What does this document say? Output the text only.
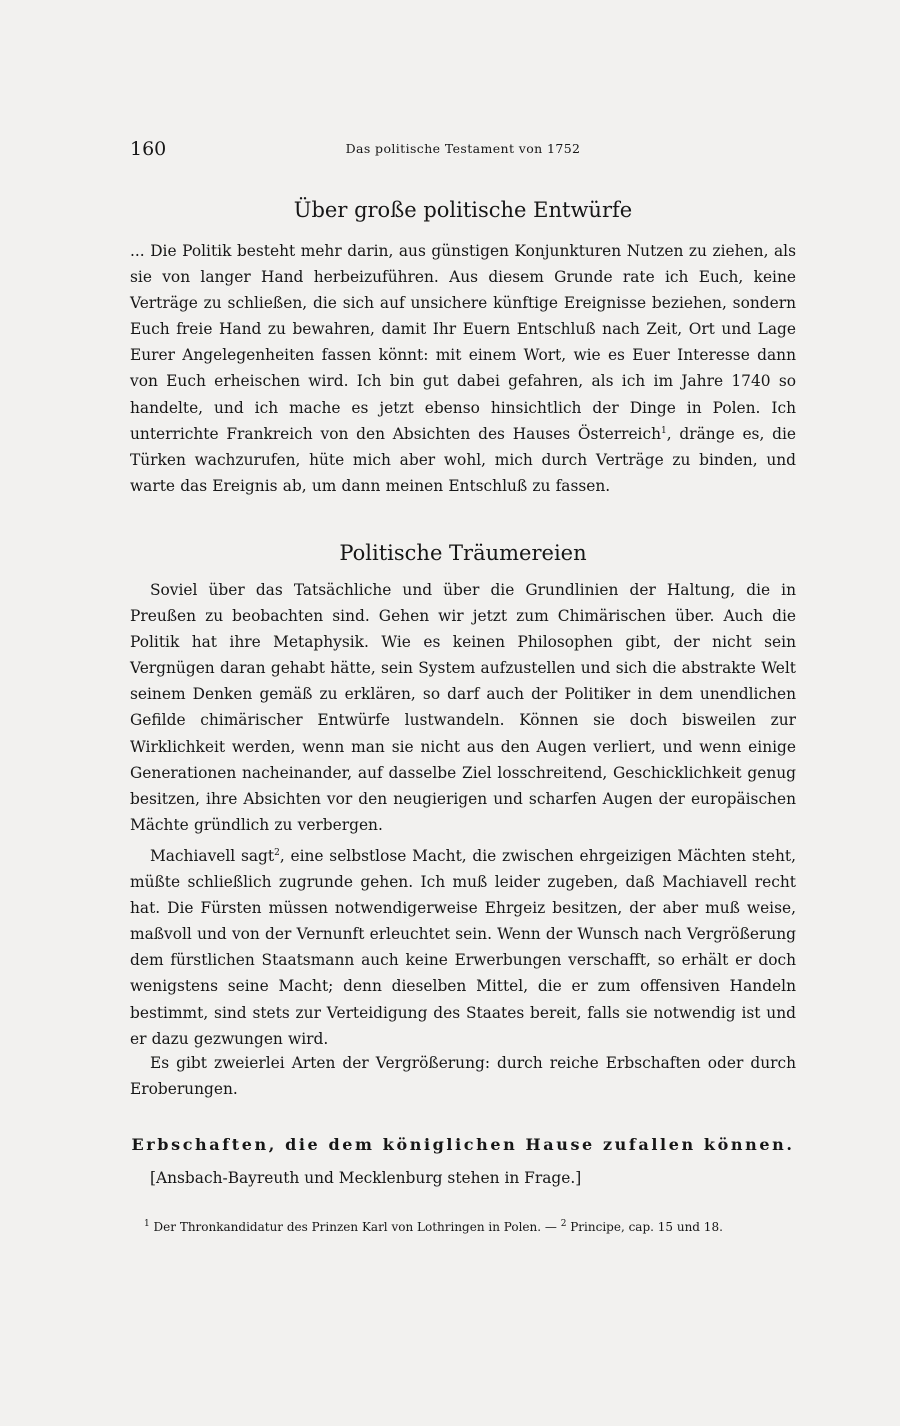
160	Das politische Testament von 1752
Über große politische Entwürfe

... Die Politik besteht mehr darin, aus günstigen Konjunkturen Nutzen zu ziehen, als sie von langer Hand herbeizuführen. Aus diesem Grunde rate ich Euch, keine Verträge zu schließen, die sich auf unsichere künftige Ereignisse beziehen, sondern Euch freie Hand zu bewahren, damit Ihr Euern Entschluß nach Zeit, Ort und Lage Eurer Angelegenheiten fassen könnt: mit einem Wort, wie es Euer Interesse dann von Euch erheischen wird. Ich bin gut dabei gefahren, als ich im Jahre 1740 so handelte, und ich mache es jetzt ebenso hinsichtlich der Dinge in Polen. Ich unterrichte Frankreich von den Absichten des Hauses Österreich$^1$, dränge es, die Türken wachzurufen, hüte mich aber wohl, mich durch Verträge zu binden, und warte das Ereignis ab, um dann meinen Entschluß zu fassen.

Politische Träumereien

Soviel über das Tatsächliche und über die Grundlinien der Haltung, die in Preußen zu beobachten sind. Gehen wir jetzt zum Chimärischen über. Auch die Politik hat ihre Metaphysik. Wie es keinen Philosophen gibt, der nicht sein Vergnügen daran gehabt hätte, sein System aufzustellen und sich die abstrakte Welt seinem Denken gemäß zu erklären, so darf auch der Politiker in dem unendlichen Gefilde chimärischer Entwürfe lustwandeln. Können sie doch bisweilen zur Wirklichkeit werden, wenn man sie nicht aus den Augen verliert, und wenn einige Generationen nacheinander, auf dasselbe Ziel losschreitend, Geschicklichkeit genug besitzen, ihre Absichten vor den neugierigen und scharfen Augen der europäischen Mächte gründlich zu verbergen.

Machiavell sagt$^2$, eine selbstlose Macht, die zwischen ehrgeizigen Mächten steht, müßte schließlich zugrunde gehen. Ich muß leider zugeben, daß Machiavell recht hat. Die Fürsten müssen notwendigerweise Ehrgeiz besitzen, der aber muß weise, maßvoll und von der Vernunft erleuchtet sein. Wenn der Wunsch nach Vergrößerung dem fürstlichen Staatsmann auch keine Erwerbungen verschafft, so erhält er doch wenigstens seine Macht; denn dieselben Mittel, die er zum offensiven Handeln bestimmt, sind stets zur Verteidigung des Staates bereit, falls sie notwendig ist und er dazu gezwungen wird.

Es gibt zweierlei Arten der Vergrößerung: durch reiche Erbschaften oder durch Eroberungen.

Erbschaften, die dem königlichen Hause zufallen können.

[Ansbach-Bayreuth und Mecklenburg stehen in Frage.]

$^1$ Der Thronkandidatur des Prinzen Karl von Lothringen in Polen. — $^2$ Principe, cap. 15 und 18.
